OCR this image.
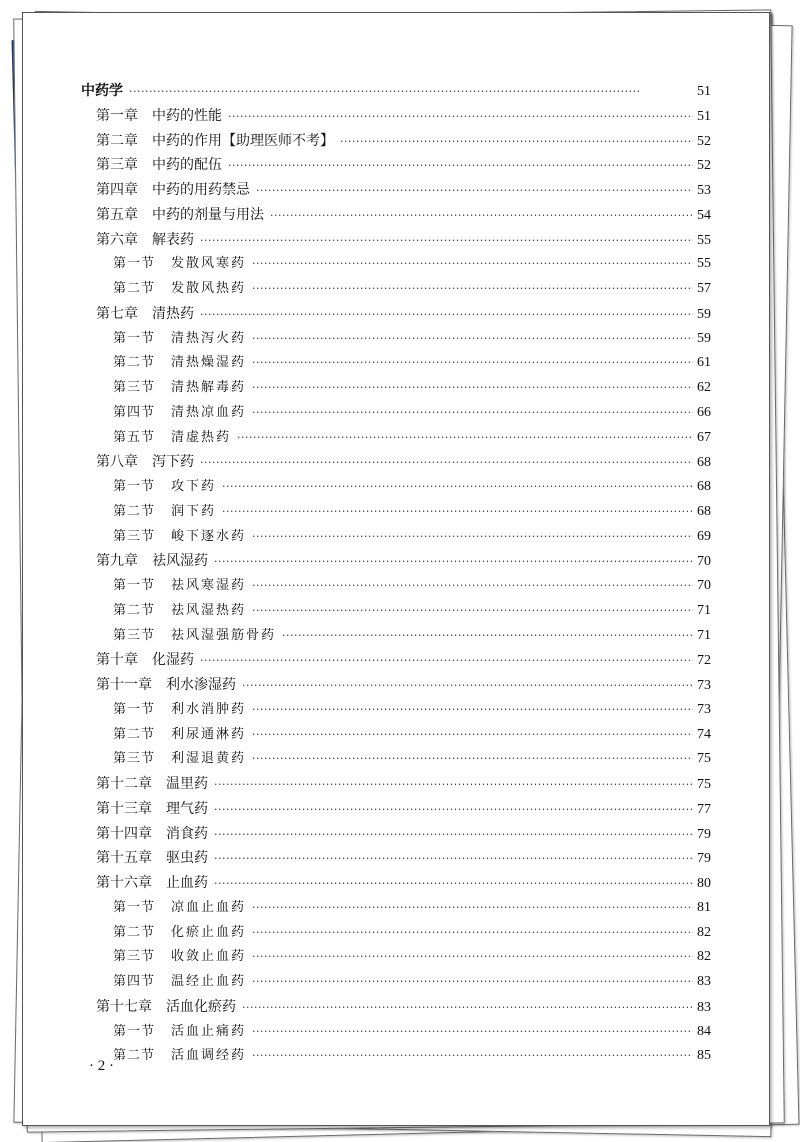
中药学 ·····	51
第一章 中药的性能 ·····	51
第二章 中药的作用【助理医师不考】 ·····	52
第三章 中药的配伍 ·····	52
第四章 中药的用药禁忌 ·····	53
第五章 中药的剂量与用法 ·····	54
第六章 解表药 ·····	55
第一节 发散风寒药 ·····	55
第二节 发散风热药 ·····	57
第七章 清热药 ·····	59
第一节 清热泻火药 ·····	59
第二节 清热燥湿药 ·····	61
第三节 清热解毒药 ·····	62
第四节 清热凉血药 ·····	66
第五节 清虚热药 ·····	67
第八章 泻下药 ·····	68
第一节 攻下药 ·····	68
第二节 润下药 ·····	68
第三节 峻下逐水药 ·····	69
第九章 祛风湿药 ·····	70
第一节 祛风寒湿药 ·····	70
第二节 祛风湿热药 ·····	71
第三节 祛风湿强筋骨药 ·····	71
第十章 化湿药 ·····	72
第十一章 利水渗湿药 ·····	73
第一节 利水消肿药 ·····	73
第二节 利尿通淋药 ·····	74
第三节 利湿退黄药 ·····	75
第十二章 温里药 ·····	75
第十三章 理气药 ·····	77
第十四章 消食药 ·····	79
第十五章 驱虫药 ·····	79
第十六章 止血药 ·····	80
第一节 凉血止血药 ·····	81
第二节 化瘀止血药 ·····	82
第三节 收敛止血药 ·····	82
第四节 温经止血药 ·····	83
第十七章 活血化瘀药 ·····	83
第一节 活血止痛药 ·····	84
第二节 活血调经药 ·····	85
· 2 ·
